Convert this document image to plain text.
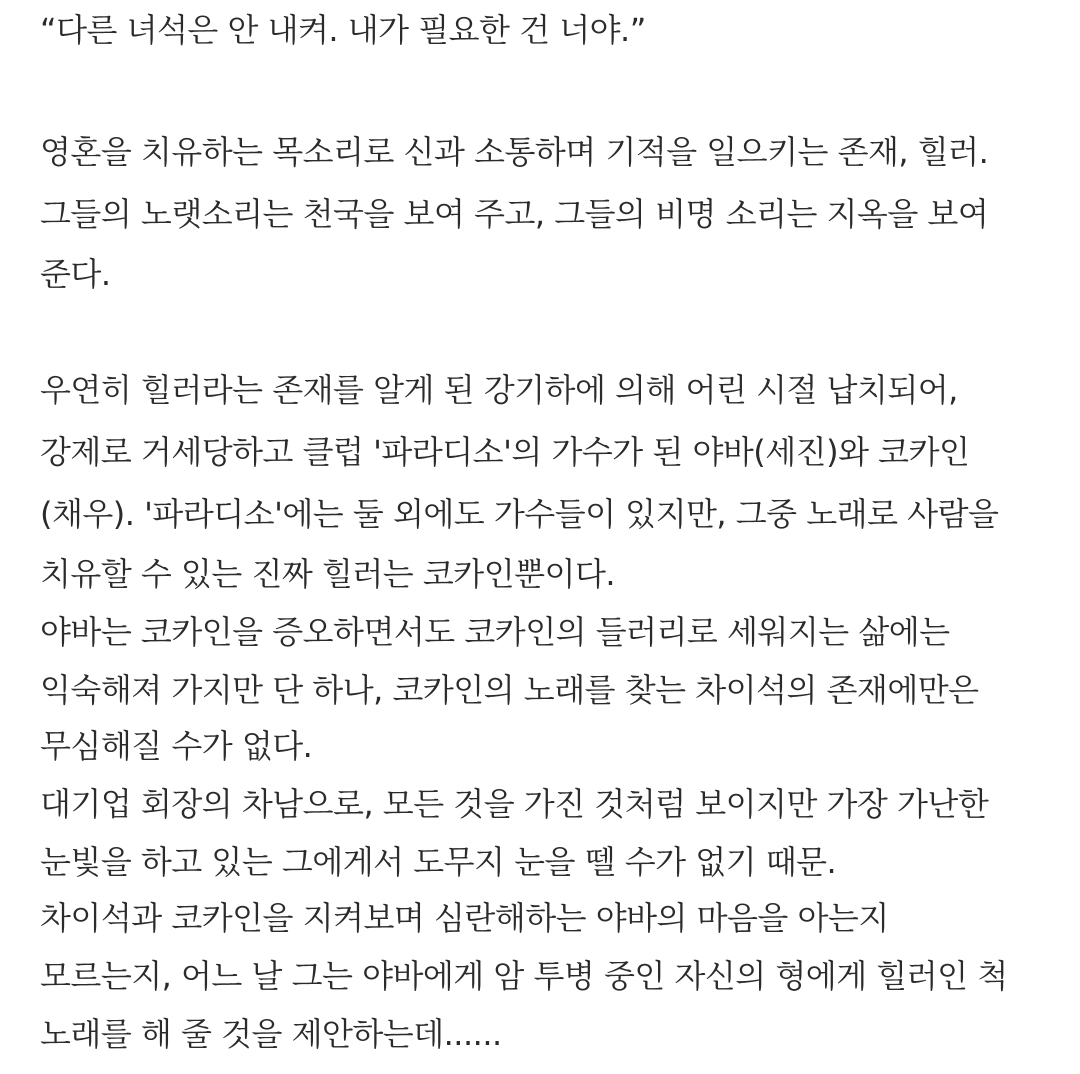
“다른 녀석은 안 내켜. 내가 필요한 건 너야.”
영혼을 치유하는 목소리로 신과 소통하며 기적을 일으키는 존재, 힐러.
그들의 노랫소리는 천국을 보여 주고, 그들의 비명 소리는 지옥을 보여
준다.
우연히 힐러라는 존재를 알게 된 강기하에 의해 어린 시절 납치되어,
강제로 거세당하고 클럽 '파라디소'의 가수가 된 야바(세진)와 코카인
(채우). '파라디소'에는 둘 외에도 가수들이 있지만, 그중 노래로 사람을
치유할 수 있는 진짜 힐러는 코카인뿐이다.
야바는 코카인을 증오하면서도 코카인의 들러리로 세워지는 삶에는
익숙해져 가지만 단 하나, 코카인의 노래를 찾는 차이석의 존재에만은
무심해질 수가 없다.
대기업 회장의 차남으로, 모든 것을 가진 것처럼 보이지만 가장 가난한
눈빛을 하고 있는 그에게서 도무지 눈을 뗄 수가 없기 때문.
차이석과 코카인을 지켜보며 심란해하는 야바의 마음을 아는지
모르는지, 어느 날 그는 야바에게 암 투병 중인 자신의 형에게 힐러인 척
노래를 해 줄 것을 제안하는데......
